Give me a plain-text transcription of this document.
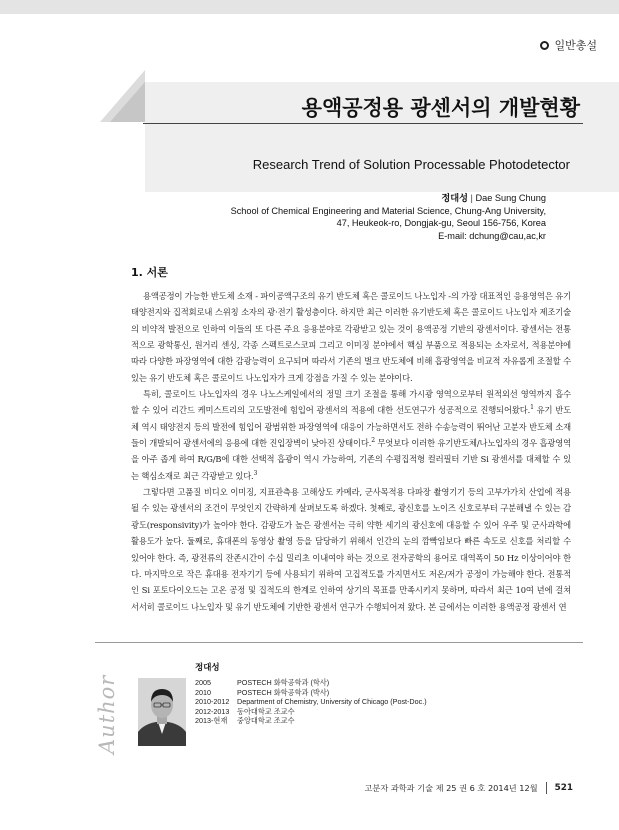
일반총설
용액공정용 광센서의 개발현황
Research Trend of Solution Processable Photodetector
정대성 | Dae Sung Chung
School of Chemical Engineering and Material Science, Chung-Ang University,
47, Heukeok-ro, Dongjak-gu, Seoul 156-756, Korea
E-mail: dchung@cau,ac,kr
1. 서론

용액공정이 가능한 반도체 소재 - 파이공액구조의 유기 반도체 혹은 콜로이드 나노입자 -의 가장 대표적인 응용영역은 유기태양전지와 집적회로내 스위칭 소자의 광·전기 활성층이다. 하지만 최근 이러한 유기반도체 혹은 콜로이드 나노입자 제조기술의 비약적 발전으로 인하여 이들의 또 다른 주요 응용분야로 각광받고 있는 것이 용액공정 기반의 광센서이다. 광센서는 전통적으로 광학통신, 원거리 센싱, 각종 스펙트로스코피 그리고 이미징 분야에서 핵심 부품으로 적용되는 소자로서, 적용분야에 따라 다양한 파장영역에 대한 감광능력이 요구되며 따라서 기존의 벌크 반도체에 비해 흡광영역을 비교적 자유롭게 조절할 수 있는 유기 반도체 혹은 콜로이드 나노입자가 크게 강점을 가질 수 있는 분야이다.

특히, 콜로이드 나노입자의 경우 나노스케일에서의 정밀 크기 조절을 통해 가시광 영역으로부터 원적외선 영역까지 흡수할 수 있어 리간드 케미스트리의 고도발전에 힘입어 광센서의 적용에 대한 선도연구가 성공적으로 진행되어왔다.$^1$ 유기 반도체 역시 태양전지 등의 발전에 힘입어 광범위한 파장영역에 대응이 가능하면서도 전하 수송능력이 뛰어난 고분자 반도체 소재들이 개발되어 광센서에의 응용에 대한 진입장벽이 낮아진 상태이다.$^2$ 무엇보다 이러한 유기반도체/나노입자의 경우 흡광영역을 아주 좁게 하여 R/G/B에 대한 선택적 흡광이 역시 가능하여, 기존의 수평집적형 컬러필터 기반 Si 광센서를 대체할 수 있는 핵심소재로 최근 각광받고 있다.$^3$

그렇다면 고품질 비디오 이미징, 지표관측용 고해상도 카메라, 군사목적용 다파장 촬영기기 등의 고부가가치 산업에 적용될 수 있는 광센서의 조건이 무엇인지 간략하게 살펴보도록 하겠다. 첫째로, 광신호를 노이즈 신호로부터 구분해낼 수 있는 감광도(responsivity)가 높아야 한다. 감광도가 높은 광센서는 극히 약한 세기의 광신호에 대응할 수 있어 우주 및 군사과학에 활용도가 높다. 둘째로, 휴대폰의 동영상 촬영 등을 담당하기 위해서 인간의 눈의 깜빡임보다 빠른 속도로 신호를 처리할 수 있어야 한다. 즉, 광전류의 잔존시간이 수십 밀리초 이내여야 하는 것으로 전자공학의 용어로 대역폭이 50 Hz 이상이어야 한다. 마지막으로 작은 휴대용 전자기기 등에 사용되기 위하여 고집적도를 가지면서도 저온/저가 공정이 가능해야 한다. 전통적인 Si 포토다이오드는 고온 공정 및 집적도의 한계로 인하여 상기의 목표를 만족시키지 못하며, 따라서 최근 10여 년에 걸쳐 서서히 콜로이드 나노입자 및 유기 반도체에 기반한 광센서 연구가 수행되어져 왔다. 본 글에서는 이러한 용액공정 광센서 연

Author
정대성
2005	POSTECH 화학공학과 (학사)
2010	POSTECH 화학공학과 (박사)
2010-2012	Department of Chemistry, University of Chicago (Post-Doc.)
2012-2013	동아대학교 조교수
2013-현재	중앙대학교 조교수
고분자 과학과 기술 제 25 권 6 호 2014년 12월 521
